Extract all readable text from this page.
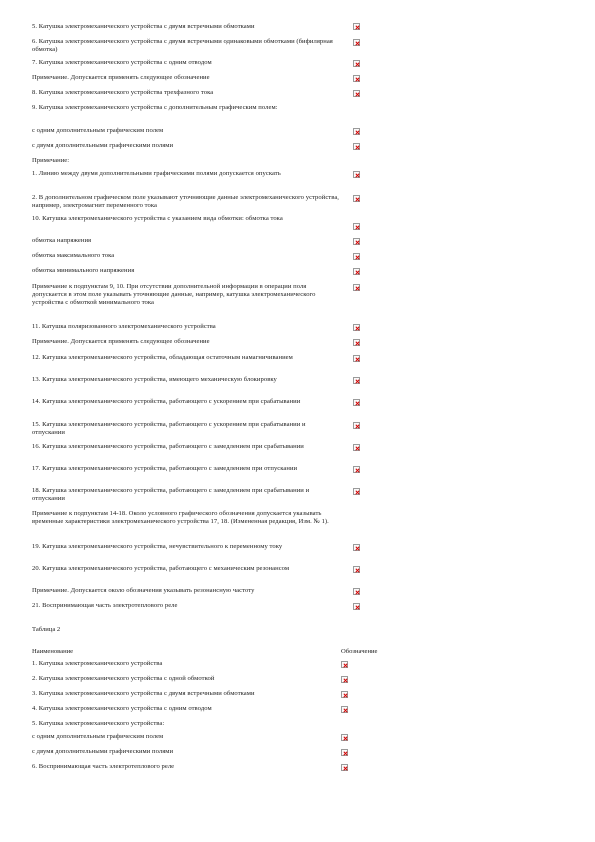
5. Катушка электромеханического устройства с двумя встречными обмотками
6. Катушка электромеханического устройства с двумя встречными одинаковыми обмотками (бифилярная обмотка)
7. Катушка электромеханического устройства с одним отводом
Примечание. Допускается применять следующее обозначение
8. Катушка электромеханического устройства трехфазного тока
9. Катушка электромеханического устройства с дополнительным графическим полем:
с одним дополнительным графическим полем
с двумя дополнительными графическими полями
Примечание:
1. Линию между двумя дополнительными графическими полями допускается опускать
2. В дополнительном графическом поле указывают уточняющие данные электромеханического устройства, например, электромагнит переменного тока
10. Катушка электромеханического устройства с указанием вида обмотки: обмотка тока
обмотка напряжения
обмотка максимального тока
обмотка минимального напряжения
Примечание к подпунктам 9, 10. При отсутствии дополнительной информации в операции поля допускается в этом поле указывать уточняющие данные, например, катушка электромеханического устройства с обмоткой минимального тока
11. Катушка поляризованного электромеханического устройства
Примечание. Допускается применять следующее обозначение
12. Катушка электромеханического устройства, обладающая остаточным намагничиванием
13. Катушка электромеханического устройства, имеющего механическую блокировку
14. Катушка электромеханического устройства, работающего с ускорением при срабатывании
15. Катушка электромеханического устройства, работающего с ускорением при срабатывании и отпускании
16. Катушка электромеханического устройства, работающего с замедлением при срабатывании
17. Катушка электромеханического устройства, работающего с замедлением при отпускании
18. Катушка электромеханического устройства, работающего с замедлением при срабатывании и отпускании
Примечание к подпунктам 14-18. Около условного графического обозначения допускается указывать временные характеристики электромеханического устройства 17, 18. (Измененная редакция, Изм. № 1).
19. Катушка электромеханического устройства, нечувствительного к переменному току
20. Катушка электромеханического устройства, работающего с механическим резонансом
Примечание. Допускается около обозначения указывать резонансную частоту
21. Воспринимающая часть электротеплового реле
Таблица 2
Наименование	Обозначение
1. Катушка электромеханического устройства
2. Катушка электромеханического устройства с одной обмоткой
3. Катушка электромеханического устройства с двумя встречными обмотками
4. Катушка электромеханического устройства с одним отводом
5. Катушка электромеханического устройства:
с одним дополнительным графическим полем
с двумя дополнительными графическими полями
6. Воспринимающая часть электротеплового реле
